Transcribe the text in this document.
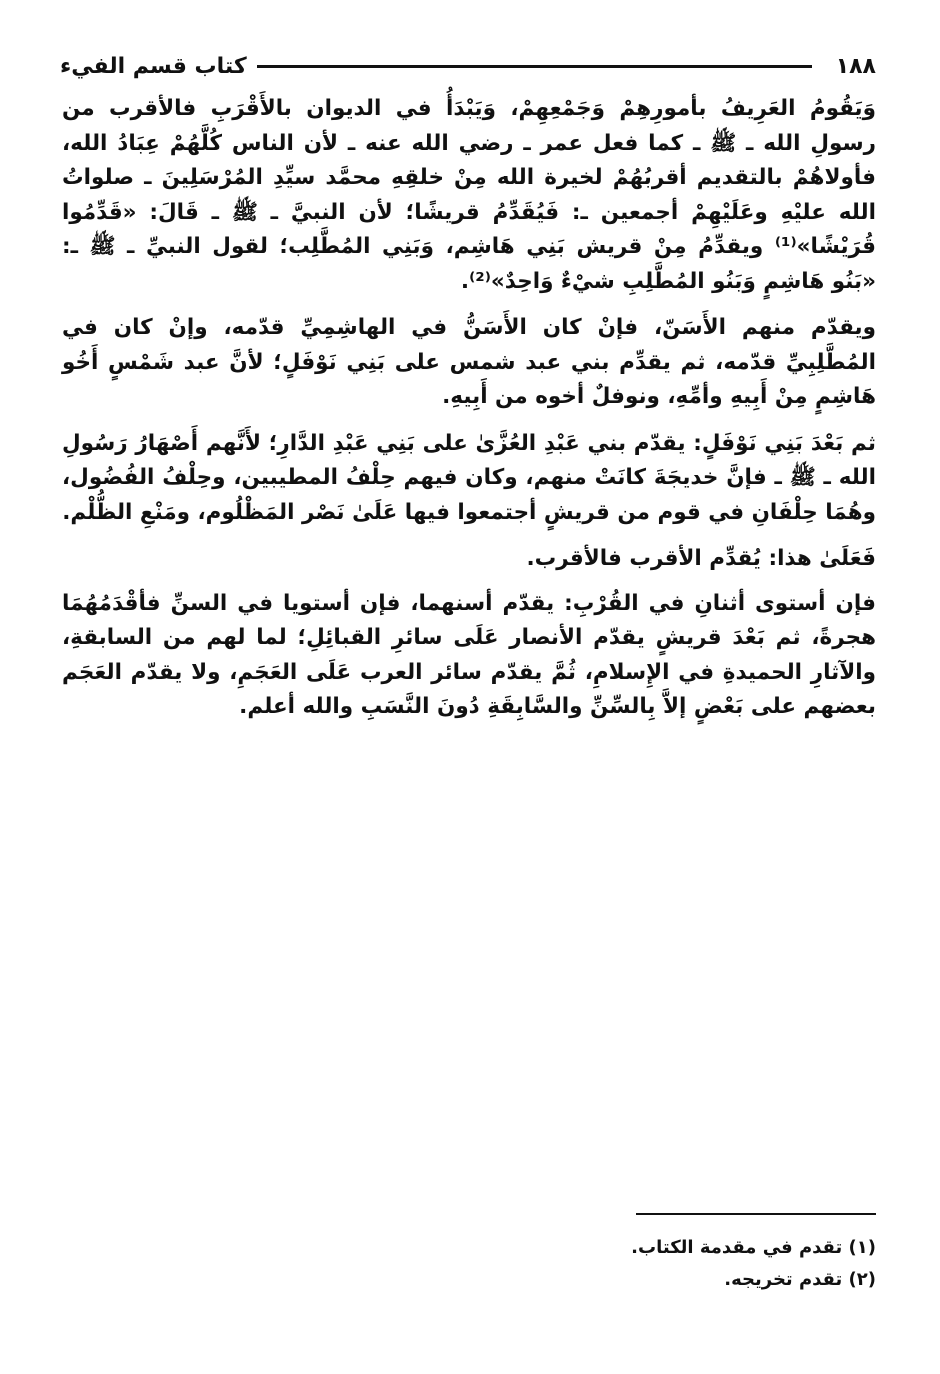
١٨٨
كتاب قسم الفيء

وَيَقُومُ العَرِيفُ بأمورِهِمْ وَجَمْعِهِمْ، وَيَبْدَأُ في الديوان بالأَقْرَبِ فالأقرب من رسولِ الله ـ ﷺ ـ كما فعل عمر ـ رضي الله عنه ـ لأن الناس كُلَّهُمْ عِبَادُ الله، فأولاهُمْ بالتقديم أقربُهُمْ لخيرة الله مِنْ خلقِهِ محمَّد سيِّدِ المُرْسَلِينَ ـ صلواتُ الله عليْهِ وعَلَيْهِمْ أجمعين ـ: فَيُقَدِّمُ قريشًا؛ لأن النبيَّ ـ ﷺ ـ قَالَ: «قَدِّمُوا قُرَيْشًا»⁽¹⁾ ويقدِّمُ مِنْ قريش بَنِي هَاشِم، وَبَنِي المُطَّلِب؛ لقول النبيِّ ـ ﷺ ـ: «بَنُو هَاشِمٍ وَبَنُو المُطَّلِبِ شيْءٌ وَاحِدٌ»⁽²⁾.

ويقدّم منهم الأَسَنّ، فإنْ كان الأَسَنُّ في الهاشِمِيِّ قدّمه، وإنْ كان في المُطَّلِبِيِّ قدّمه، ثم يقدِّم بني عبد شمس على بَنِي نَوْفَلٍ؛ لأنَّ عبد شَمْسٍ أَخُو هَاشِمٍ مِنْ أَبِيهِ وأمِّهِ، ونوفلٌ أخوه من أَبِيهِ.

ثم بَعْدَ بَنِي نَوْفَلٍ: يقدّم بني عَبْدِ العُزَّىٰ على بَنِي عَبْدِ الدَّارِ؛ لأَنَّهم أَصْهَارُ رَسُولِ الله ـ ﷺ ـ فإنَّ خديجَةَ كانَتْ منهم، وكان فيهم حِلْفُ المطيبين، وحِلْفُ الفُضُول، وهُمَا حِلْفَانِ في قوم من قريشٍ أجتمعوا فيها عَلَىٰ نَصْر المَظْلُوم، ومَنْعِ الظُّلْم.

فَعَلَىٰ هذا: يُقدِّم الأقرب فالأقرب.

فإن أستوى أثنانِ في القُرْبِ: يقدّم أسنهما، فإن أستويا في السنِّ فأقْدَمُهُمَا هجرةً، ثم بَعْدَ قريشٍ يقدّم الأنصار عَلَى سائرِ القبائِلِ؛ لما لهم من السابقةِ، والآثارِ الحميدةِ في الإِسلامِ، ثُمَّ يقدّم سائر العرب عَلَى العَجَمِ، ولا يقدّم العَجَم بعضهم على بَعْضٍ إلاَّ بِالسِّنِّ والسَّابِقَةِ دُونَ النَّسَبِ والله أعلم.

(١) تقدم في مقدمة الكتاب.

(٢) تقدم تخريجه.
